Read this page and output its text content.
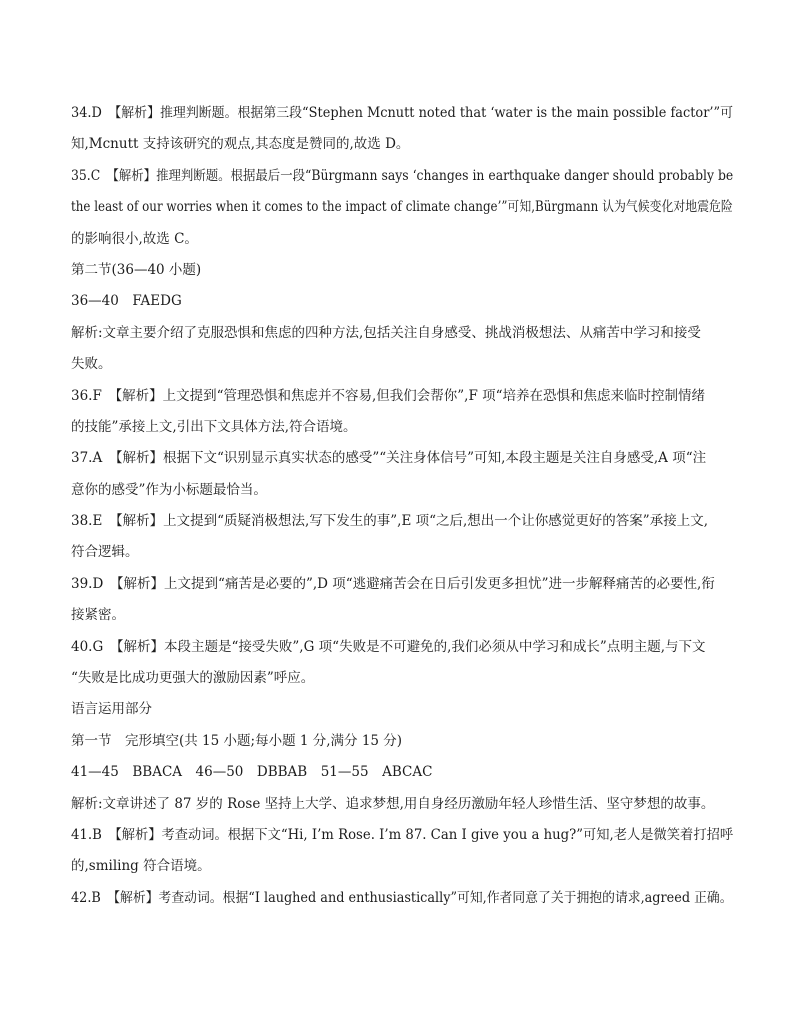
34.D　【解析】推理判断题。根据第三段“Stephen Mcnutt noted that ‘water is the main possible factor’”可
知,Mcnutt 支持该研究的观点,其态度是赞同的,故选 D。
35.C　【解析】推理判断题。根据最后一段“Bürgmann says ‘changes in earthquake danger should probably be
the least of our worries when it comes to the impact of climate change’”可知,Bürgmann 认为气候变化对地震危险
的影响很小,故选 C。
第二节(36—40 小题)
36—40　FAEDG
解析:文章主要介绍了克服恐惧和焦虑的四种方法,包括关注自身感受、挑战消极想法、从痛苦中学习和接受
失败。
36.F　【解析】上文提到“管理恐惧和焦虑并不容易,但我们会帮你”,F 项“培养在恐惧和焦虑来临时控制情绪
的技能”承接上文,引出下文具体方法,符合语境。
37.A　【解析】根据下文“识别显示真实状态的感受”“关注身体信号”可知,本段主题是关注自身感受,A 项“注
意你的感受”作为小标题最恰当。
38.E　【解析】上文提到“质疑消极想法,写下发生的事”,E 项“之后,想出一个让你感觉更好的答案”承接上文,
符合逻辑。
39.D　【解析】上文提到“痛苦是必要的”,D 项“逃避痛苦会在日后引发更多担忧”进一步解释痛苦的必要性,衔
接紧密。
40.G　【解析】本段主题是“接受失败”,G 项“失败是不可避免的,我们必须从中学习和成长”点明主题,与下文
“失败是比成功更强大的激励因素”呼应。
语言运用部分
第一节　完形填空(共 15 小题;每小题 1 分,满分 15 分)
41—45　BBACA　46—50　DBBAB　51—55　ABCAC
解析:文章讲述了 87 岁的 Rose 坚持上大学、追求梦想,用自身经历激励年轻人珍惜生活、坚守梦想的故事。
41.B　【解析】考查动词。根据下文“Hi, I’m Rose. I’m 87. Can I give you a hug?”可知,老人是微笑着打招呼
的,smiling 符合语境。
42.B　【解析】考查动词。根据“I laughed and enthusiastically”可知,作者同意了关于拥抱的请求,agreed 正确。
